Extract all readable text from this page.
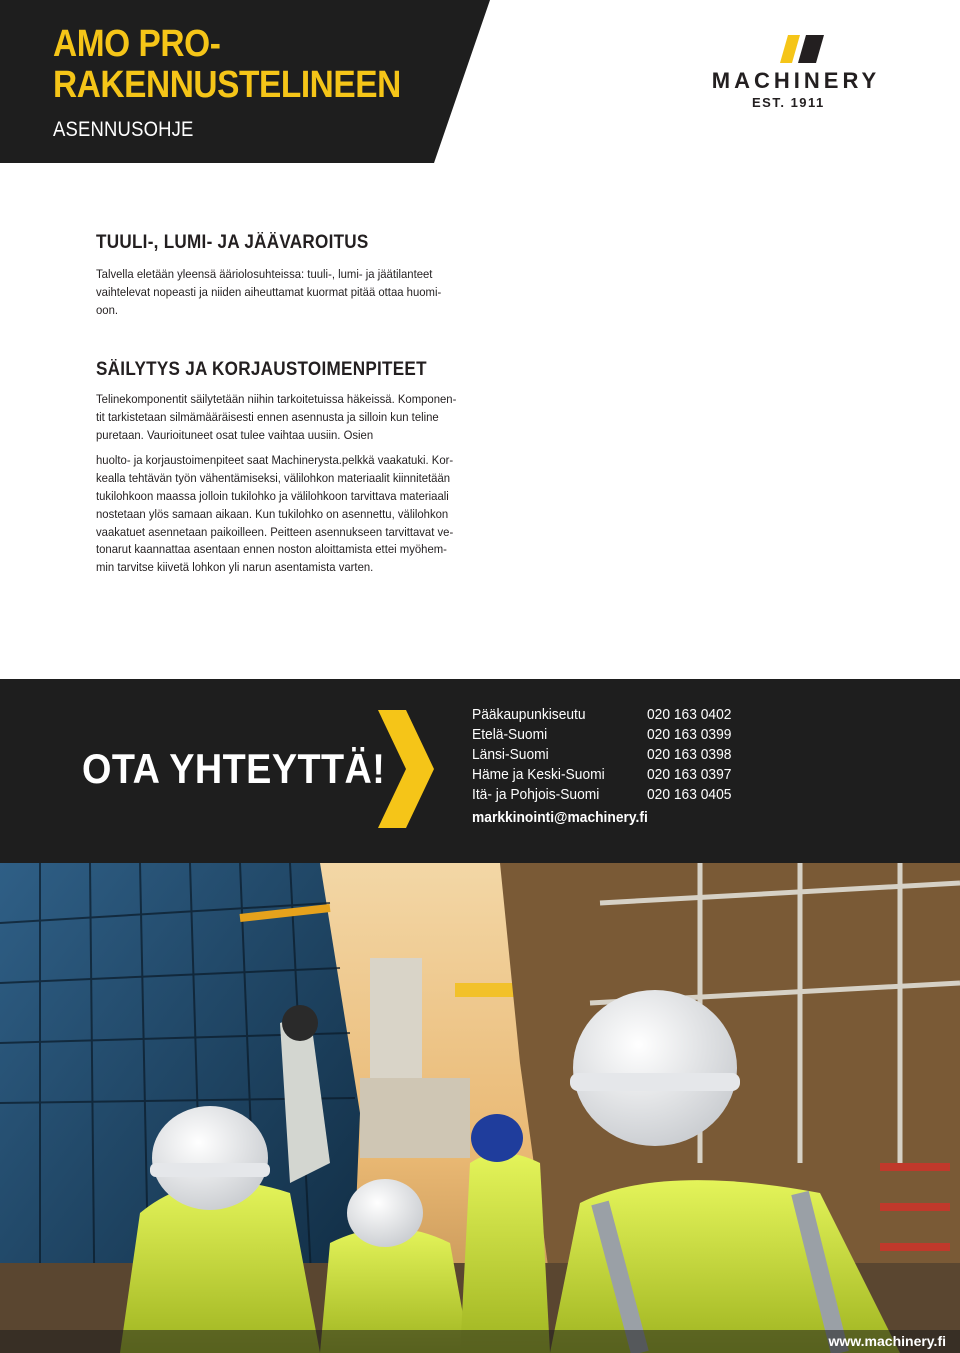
AMO PRO-
RAKENNUSTELINEEN
ASENNUSOHJE
MACHINERY
EST. 1911
TUULI-, LUMI- JA JÄÄVAROITUS
Talvella eletään yleensä ääriolosuhteissa: tuuli-, lumi- ja jäätilanteet
vaihtelevat nopeasti ja niiden aiheuttamat kuormat pitää ottaa huomi-
oon.
SÄILYTYS JA KORJAUSTOIMENPITEET
Telinekomponentit säilytetään niihin tarkoitetuissa häkeissä. Komponen-
tit tarkistetaan silmämääräisesti ennen asennusta ja silloin kun teline
puretaan. Vaurioituneet osat tulee vaihtaa uusiin. Osien
huolto- ja korjaustoimenpiteet saat Machinerysta.pelkkä vaakatuki. Kor-
kealla tehtävän työn vähentämiseksi, välilohkon materiaalit kiinnitetään
tukilohkoon maassa jolloin tukilohko ja välilohkoon tarvittava materiaali
nostetaan ylös samaan aikaan. Kun tukilohko on asennettu, välilohkon
vaakatuet asennetaan paikoilleen. Peitteen asennukseen tarvittavat ve-
tonarut kaannattaa asentaan ennen noston aloittamista ettei myöhem-
min tarvitse kiivetä lohkon yli narun asentamista varten.
OTA YHTEYTTÄ!
Pääkaupunkiseutu	020 163 0402
Etelä-Suomi	020 163 0399
Länsi-Suomi	020 163 0398
Häme ja Keski-Suomi	020 163 0397
Itä- ja Pohjois-Suomi	020 163 0405
markkinointi@machinery.fi
www.machinery.fi
